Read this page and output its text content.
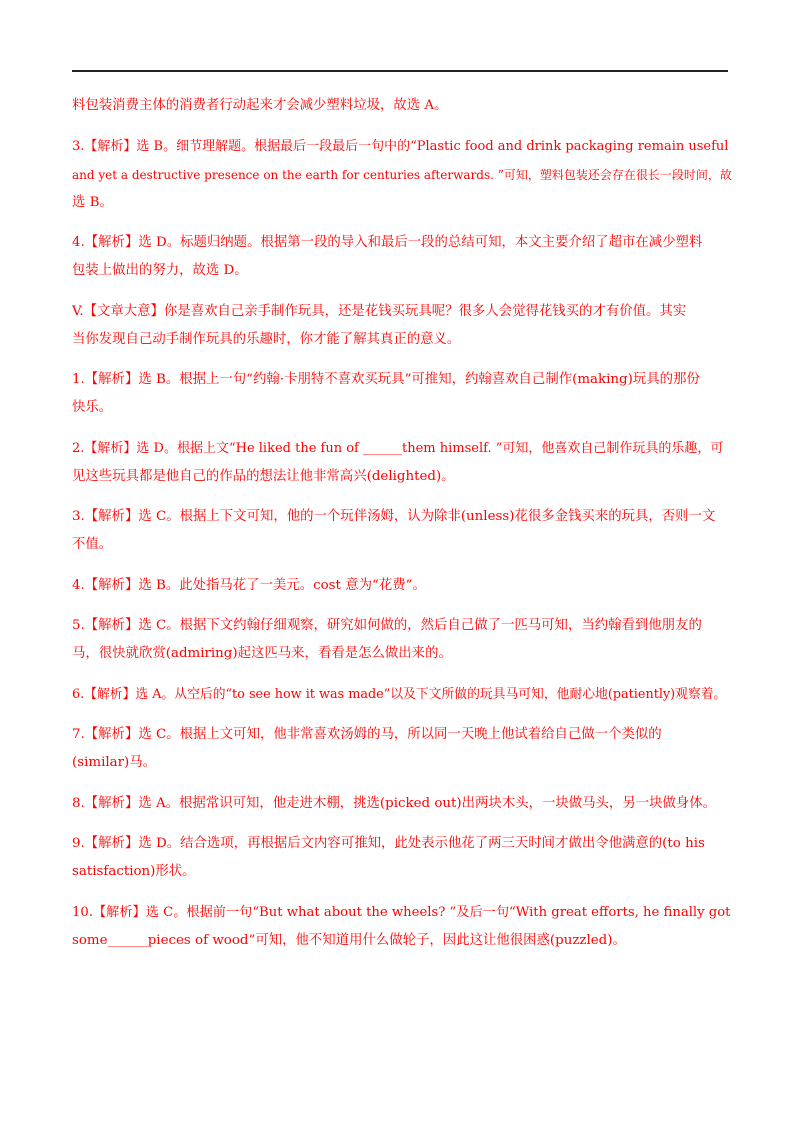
料包装消费主体的消费者行动起来才会减少塑料垃圾，故选 A。
3.【解析】选 B。细节理解题。根据最后一段最后一句中的“Plastic food and drink packaging remain useful
and yet a destructive presence on the earth for centuries afterwards. ”可知，塑料包装还会存在很长一段时间，故
选 B。
4.【解析】选 D。标题归纳题。根据第一段的导入和最后一段的总结可知，本文主要介绍了超市在减少塑料
包装上做出的努力，故选 D。
V.【文章大意】你是喜欢自己亲手制作玩具，还是花钱买玩具呢？很多人会觉得花钱买的才有价值。其实
当你发现自己动手制作玩具的乐趣时，你才能了解其真正的意义。
1.【解析】选 B。根据上一句“约翰·卡朋特不喜欢买玩具”可推知，约翰喜欢自己制作(making)玩具的那份
快乐。
2.【解析】选 D。根据上文“He liked the fun of ______them himself. ”可知，他喜欢自己制作玩具的乐趣，可
见这些玩具都是他自己的作品的想法让他非常高兴(delighted)。
3.【解析】选 C。根据上下文可知，他的一个玩伴汤姆，认为除非(unless)花很多金钱买来的玩具，否则一文
不值。
4.【解析】选 B。此处指马花了一美元。cost 意为“花费”。
5.【解析】选 C。根据下文约翰仔细观察，研究如何做的，然后自己做了一匹马可知，当约翰看到他朋友的
马，很快就欣赏(admiring)起这匹马来，看看是怎么做出来的。
6.【解析】选 A。从空后的“to see how it was made”以及下文所做的玩具马可知，他耐心地(patiently)观察着。
7.【解析】选 C。根据上文可知，他非常喜欢汤姆的马，所以同一天晚上他试着给自己做一个类似的
(similar)马。
8.【解析】选 A。根据常识可知，他走进木棚，挑选(picked out)出两块木头，一块做马头，另一块做身体。
9.【解析】选 D。结合选项，再根据后文内容可推知，此处表示他花了两三天时间才做出令他满意的(to his
satisfaction)形状。
10.【解析】选 C。根据前一句“But what about the wheels? ”及后一句“With great efforts, he finally got
some______pieces of wood”可知，他不知道用什么做轮子，因此这让他很困惑(puzzled)。
